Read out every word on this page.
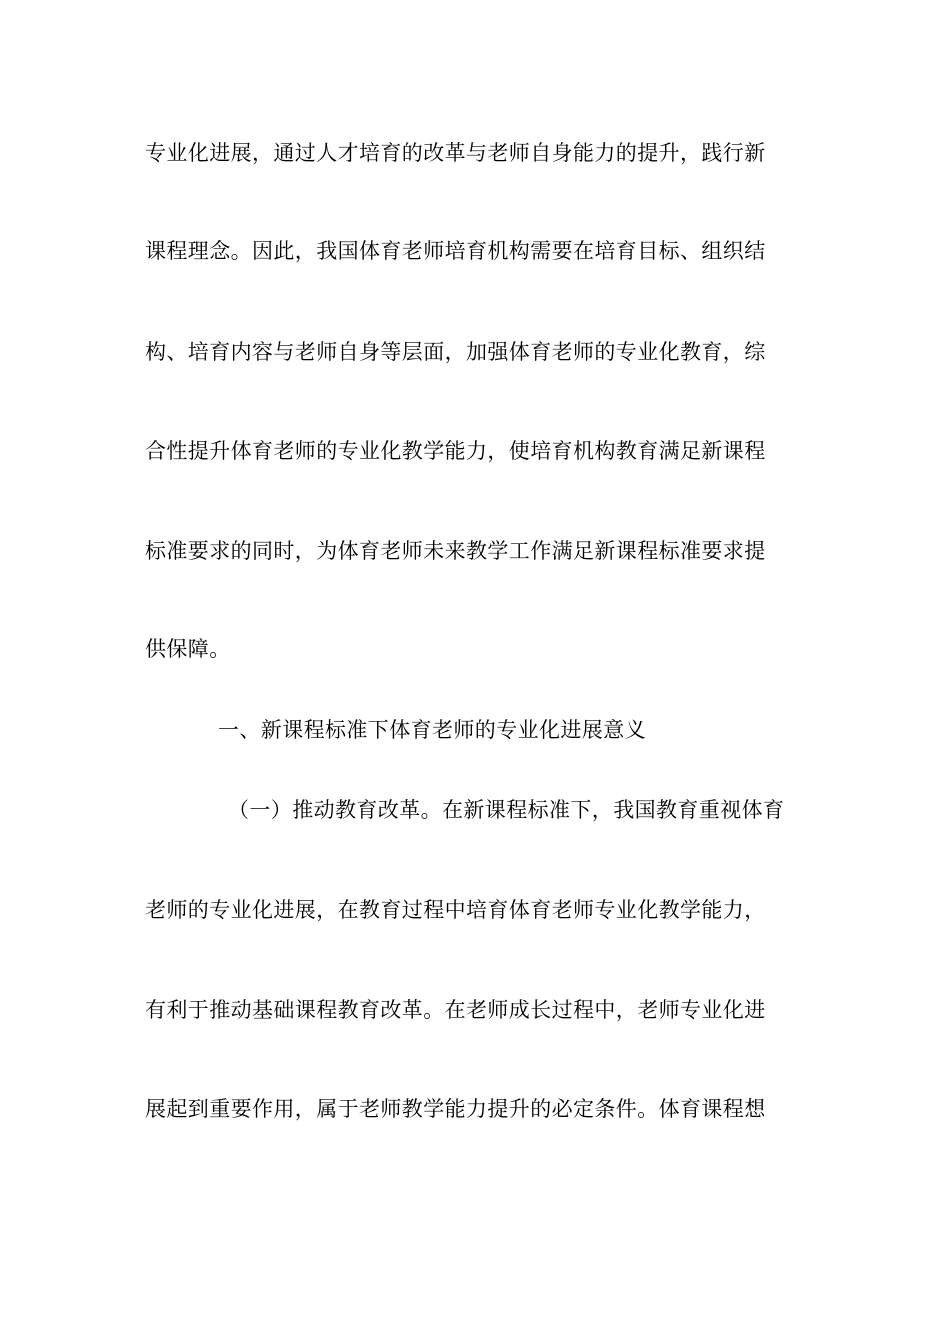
专业化进展，通过人才培育的改革与老师自身能力的提升，践行新
课程理念。因此，我国体育老师培育机构需要在培育目标、组织结
构、培育内容与老师自身等层面，加强体育老师的专业化教育，综
合性提升体育老师的专业化教学能力，使培育机构教育满足新课程
标准要求的同时，为体育老师未来教学工作满足新课程标准要求提
供保障。
一、新课程标准下体育老师的专业化进展意义
（一）推动教育改革。在新课程标准下，我国教育重视体育
老师的专业化进展，在教育过程中培育体育老师专业化教学能力，
有利于推动基础课程教育改革。在老师成长过程中，老师专业化进
展起到重要作用，属于老师教学能力提升的必定条件。体育课程想
